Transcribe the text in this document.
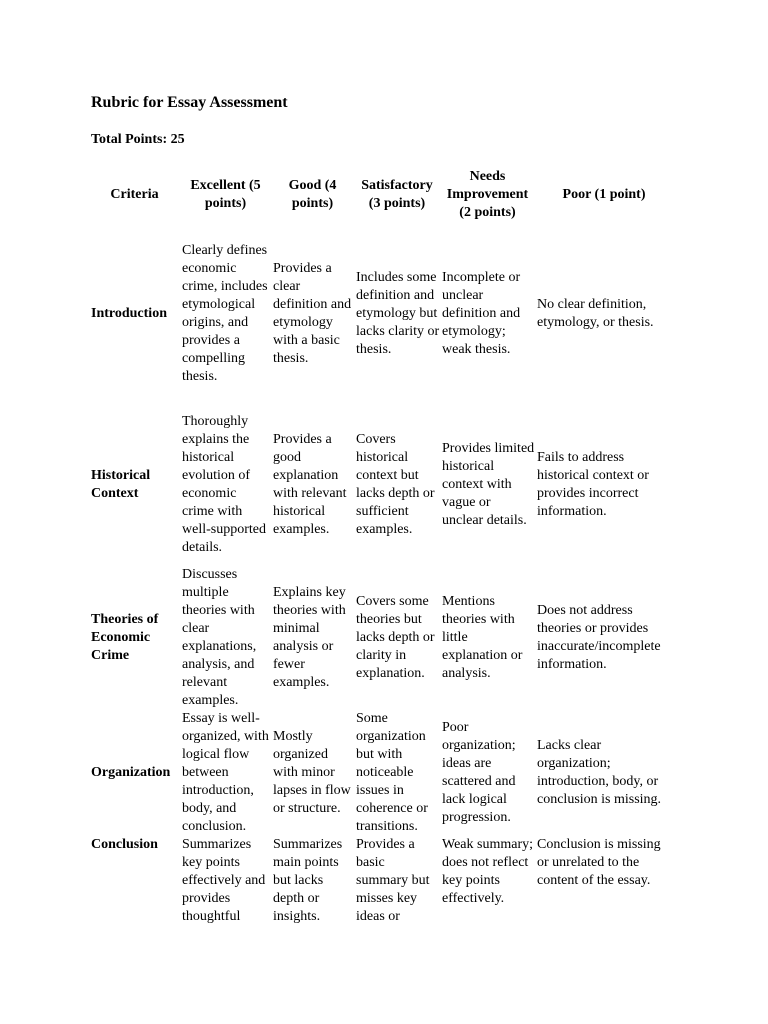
Rubric for Essay Assessment
Total Points: 25
Criteria	Excellent (5 points)	Good (4 points)	Satisfactory (3 points)	Needs Improvement (2 points)	Poor (1 point)
Introduction	Clearly defines economic crime, includes etymological origins, and provides a compelling thesis.	Provides a clear definition and etymology with a basic thesis.	Includes some definition and etymology but lacks clarity or thesis.	Incomplete or unclear definition and etymology; weak thesis.	No clear definition, etymology, or thesis.
Historical Context	Thoroughly explains the historical evolution of economic crime with well-supported details.	Provides a good explanation with relevant historical examples.	Covers historical context but lacks depth or sufficient examples.	Provides limited historical context with vague or unclear details.	Fails to address historical context or provides incorrect information.
Theories of Economic Crime	Discusses multiple theories with clear explanations, analysis, and relevant examples.	Explains key theories with minimal analysis or fewer examples.	Covers some theories but lacks depth or clarity in explanation.	Mentions theories with little explanation or analysis.	Does not address theories or provides inaccurate/incomplete information.
Organization	Essay is well-organized, with logical flow between introduction, body, and conclusion.	Mostly organized with minor lapses in flow or structure.	Some organization but with noticeable issues in coherence or transitions.	Poor organization; ideas are scattered and lack logical progression.	Lacks clear organization; introduction, body, or conclusion is missing.
Conclusion	Summarizes key points effectively and provides thoughtful	Summarizes main points but lacks depth or insights.	Provides a basic summary but misses key ideas or	Weak summary; does not reflect key points effectively.	Conclusion is missing or unrelated to the content of the essay.
